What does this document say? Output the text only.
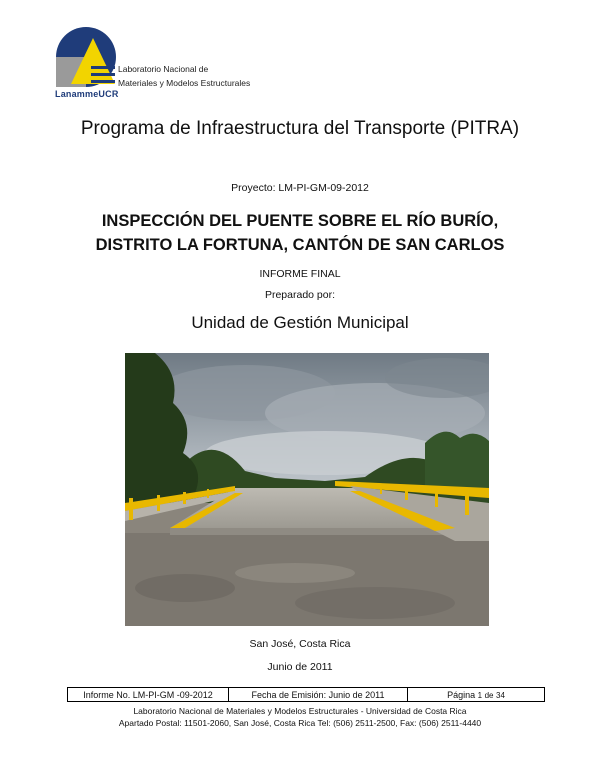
Laboratorio Nacional de
Materiales y Modelos Estructurales
LanammeUCR
Programa de Infraestructura del Transporte (PITRA)
Proyecto: LM-PI-GM-09-2012
INSPECCIÓN DEL PUENTE SOBRE EL RÍO BURÍO,
DISTRITO LA FORTUNA, CANTÓN DE SAN CARLOS
INFORME FINAL
Preparado por:
Unidad de Gestión Municipal
San José, Costa Rica
Junio de 2011
Informe No. LM-PI-GM -09-2012	Fecha de Emisión: Junio de 2011	Página 1 de 34
Laboratorio Nacional de Materiales y Modelos Estructurales - Universidad de Costa Rica
Apartado Postal: 11501-2060, San José, Costa Rica Tel: (506) 2511-2500, Fax: (506) 2511-4440
